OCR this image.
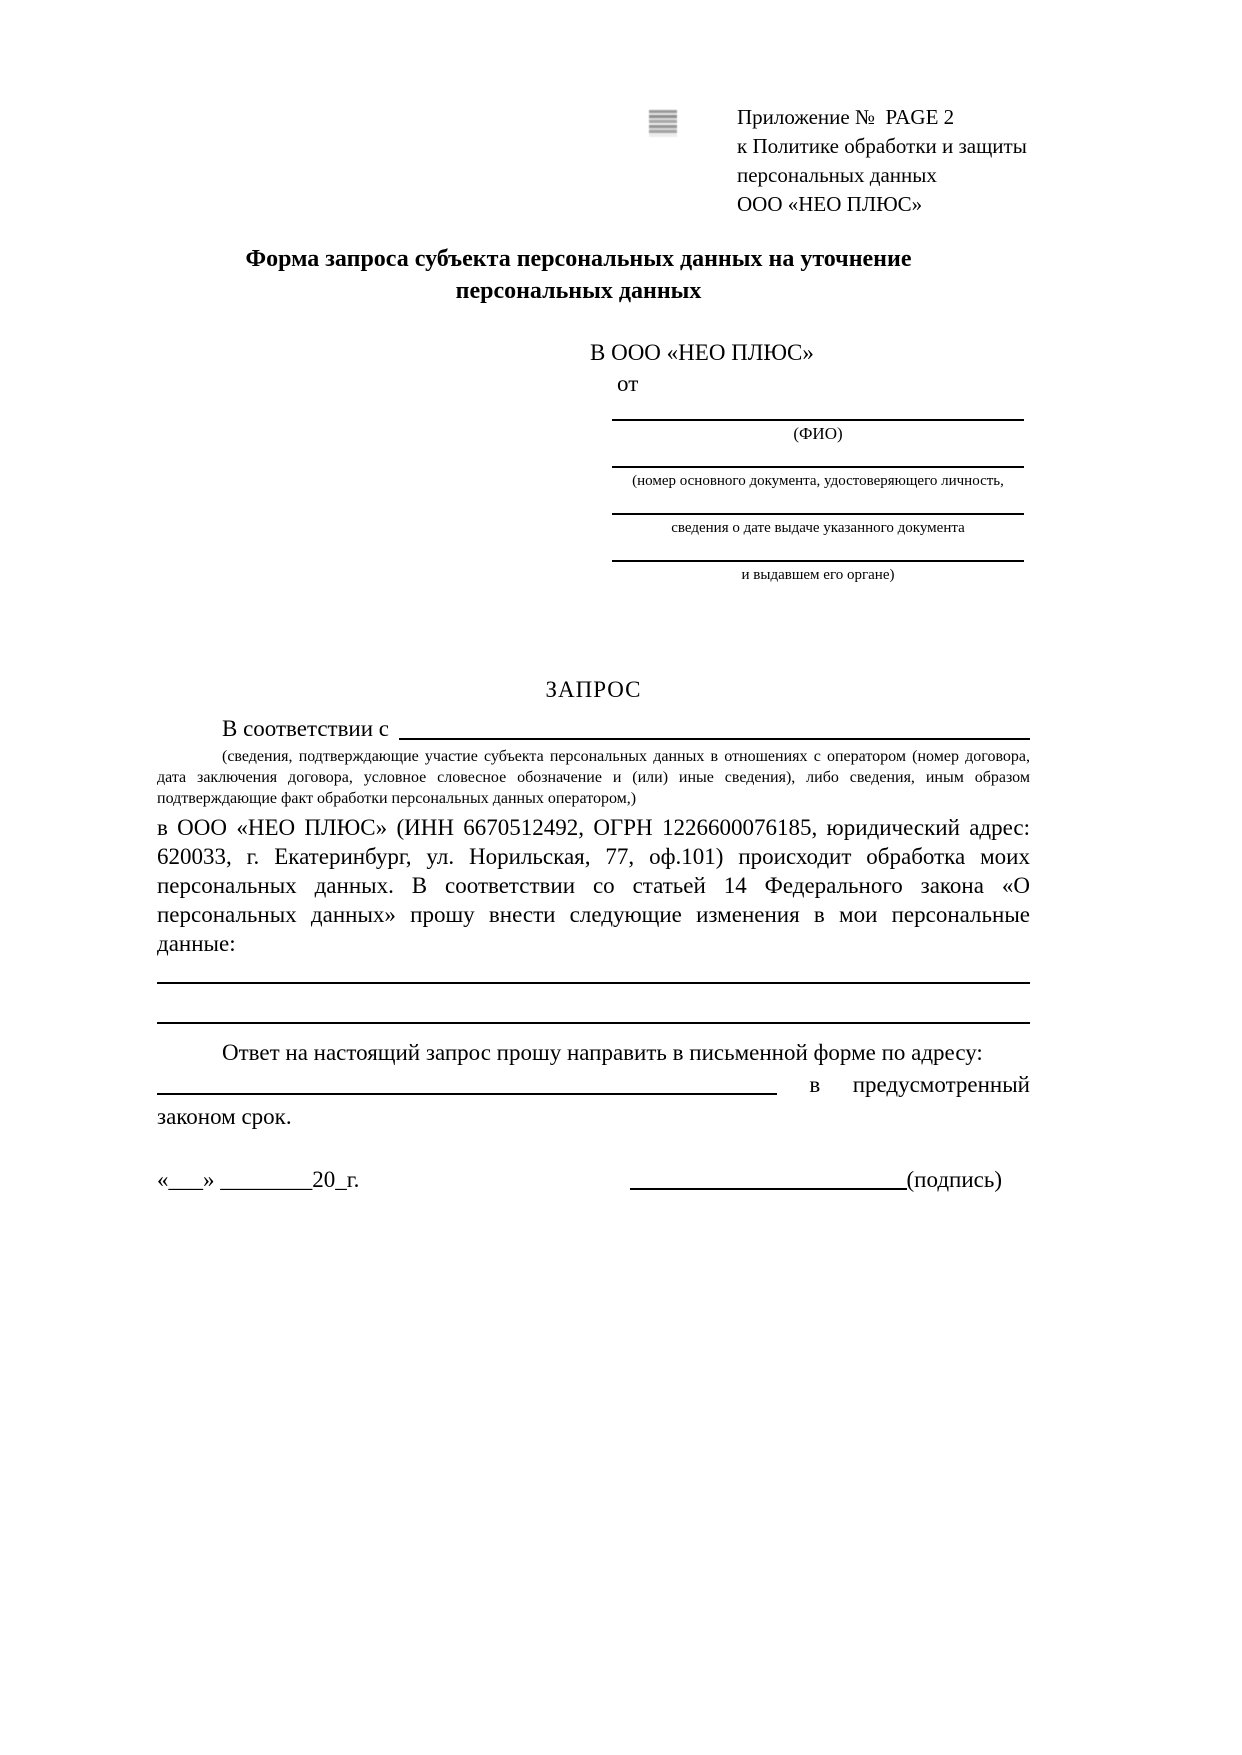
Приложение №  PAGE 2
к Политике обработки и защиты
персональных данных
ООО «НЕО ПЛЮС»
Форма запроса субъекта персональных данных на уточнение
персональных данных
В ООО «НЕО ПЛЮС»
от
(ФИО)
(номер основного документа, удостоверяющего личность,
сведения о дате выдаче указанного документа
и выдавшем его органе)
ЗАПРОС
В соответствии с

(сведения, подтверждающие участие субъекта персональных данных в отношениях с оператором (номер договора, дата заключения договора, условное словесное обозначение и (или) иные сведения), либо сведения, иным образом подтверждающие факт обработки персональных данных оператором,)

в ООО «НЕО ПЛЮС» (ИНН 6670512492, ОГРН 1226600076185, юридический адрес: 620033, г. Екатеринбург, ул. Норильская, 77, оф.101) происходит обработка моих персональных данных. В соответствии со статьей 14 Федерального закона «О персональных данных» прошу внести следующие изменения в мои персональные данные:

Ответ на настоящий запрос прошу направить в письменной форме по адресу:

в предусмотренный

законом срок.

«___» ________20_г.	(подпись)
